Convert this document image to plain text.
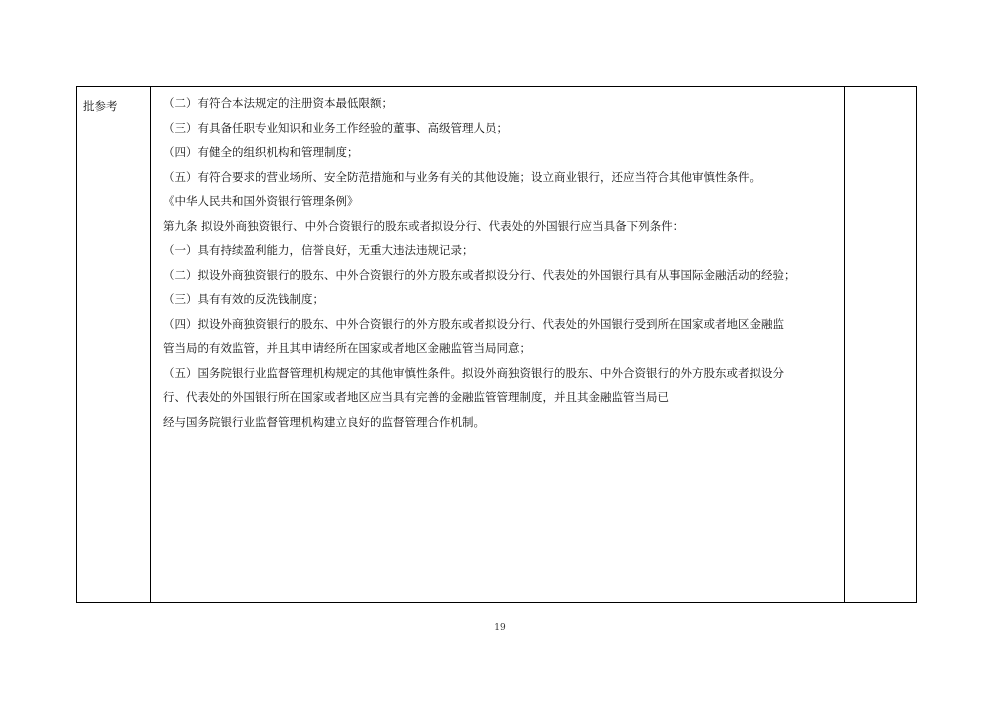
批参考	（二）有符合本法规定的注册资本最低限额；
（三）有具备任职专业知识和业务工作经验的董事、高级管理人员；
（四）有健全的组织机构和管理制度；
（五）有符合要求的营业场所、安全防范措施和与业务有关的其他设施；设立商业银行，还应当符合其他审慎性条件。
《中华人民共和国外资银行管理条例》
第九条 拟设外商独资银行、中外合资银行的股东或者拟设分行、代表处的外国银行应当具备下列条件：
（一）具有持续盈利能力，信誉良好，无重大违法违规记录；
（二）拟设外商独资银行的股东、中外合资银行的外方股东或者拟设分行、代表处的外国银行具有从事国际金融活动的经验；
（三）具有有效的反洗钱制度；
（四）拟设外商独资银行的股东、中外合资银行的外方股东或者拟设分行、代表处的外国银行受到所在国家或者地区金融监
管当局的有效监管，并且其申请经所在国家或者地区金融监管当局同意；
（五）国务院银行业监督管理机构规定的其他审慎性条件。拟设外商独资银行的股东、中外合资银行的外方股东或者拟设分
行、代表处的外国银行所在国家或者地区应当具有完善的金融监管管理制度，并且其金融监管当局已
经与国务院银行业监督管理机构建立良好的监督管理合作机制。
19
